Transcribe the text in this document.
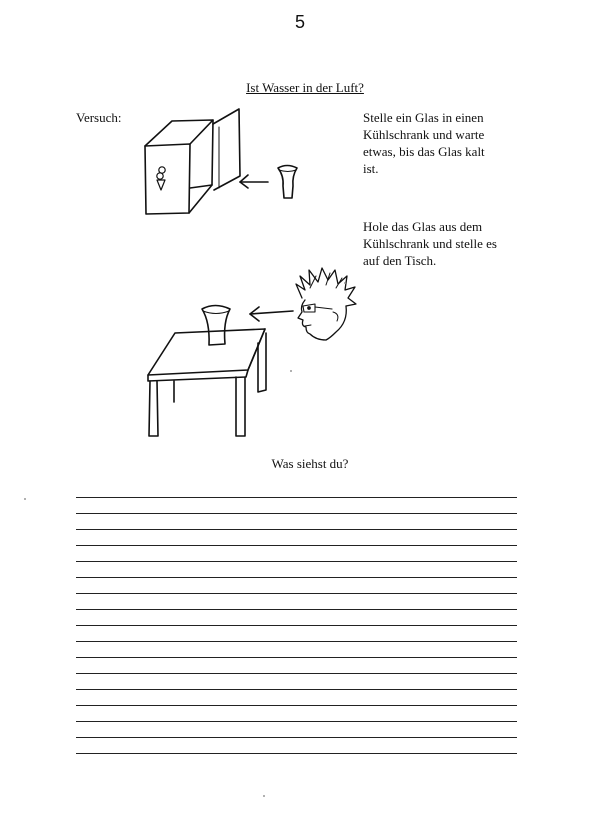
5
Ist Wasser in der Luft?
Versuch:	Stelle ein Glas in einen
Kühlschrank und warte
etwas, bis das Glas kalt
ist.
Hole das Glas aus dem
Kühlschrank und stelle es
auf den Tisch.
Was siehst du?
